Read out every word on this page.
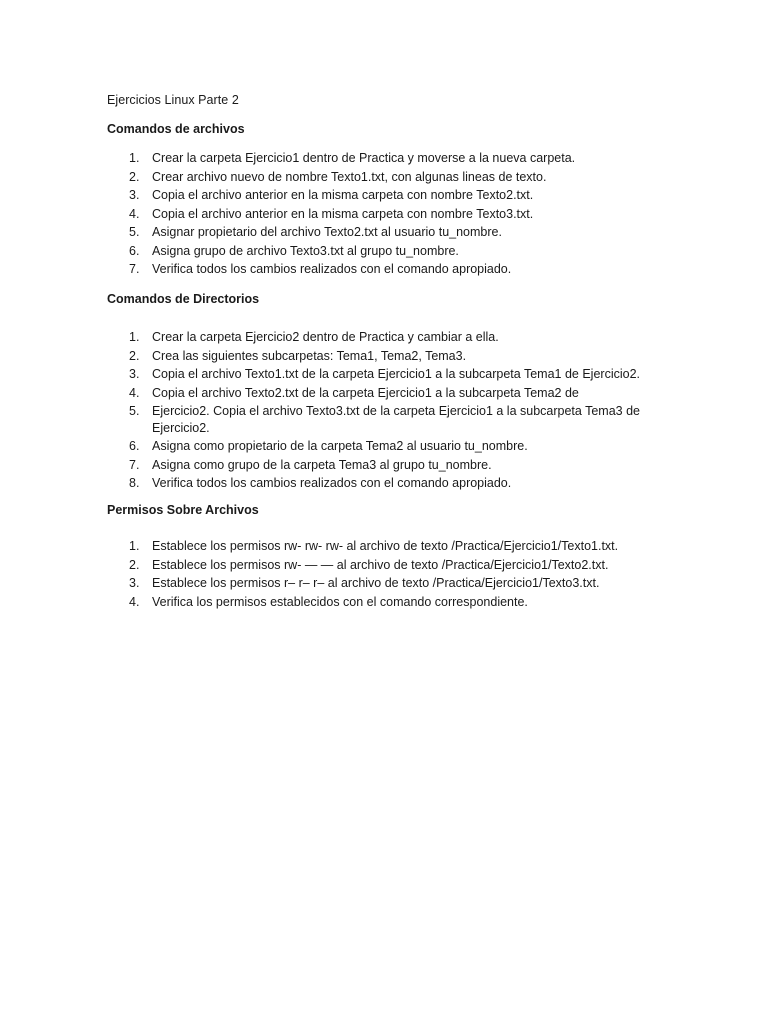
Ejercicios Linux Parte 2
Comandos de archivos
1. Crear la carpeta Ejercicio1 dentro de Practica y moverse a la nueva carpeta.
2. Crear archivo nuevo de nombre Texto1.txt, con algunas lineas de texto.
3. Copia el archivo anterior en la misma carpeta con nombre Texto2.txt.
4. Copia el archivo anterior en la misma carpeta con nombre Texto3.txt.
5. Asignar propietario del archivo Texto2.txt al usuario tu_nombre.
6. Asigna grupo de archivo Texto3.txt al grupo tu_nombre.
7. Verifica todos los cambios realizados con el comando apropiado.
Comandos de Directorios
1. Crear la carpeta Ejercicio2 dentro de Practica y cambiar a ella.
2. Crea las siguientes subcarpetas: Tema1, Tema2, Tema3.
3. Copia el archivo Texto1.txt de la carpeta Ejercicio1 a la subcarpeta Tema1 de Ejercicio2.
4. Copia el archivo Texto2.txt de la carpeta Ejercicio1 a la subcarpeta Tema2 de
5. Ejercicio2. Copia el archivo Texto3.txt de la carpeta Ejercicio1 a la subcarpeta Tema3 de Ejercicio2.
6. Asigna como propietario de la carpeta Tema2 al usuario tu_nombre.
7. Asigna como grupo de la carpeta Tema3 al grupo tu_nombre.
8. Verifica todos los cambios realizados con el comando apropiado.
Permisos Sobre Archivos
1. Establece los permisos rw- rw- rw- al archivo de texto /Practica/Ejercicio1/Texto1.txt.
2. Establece los permisos rw- — — al archivo de texto /Practica/Ejercicio1/Texto2.txt.
3. Establece los permisos r– r– r– al archivo de texto /Practica/Ejercicio1/Texto3.txt.
4. Verifica los permisos establecidos con el comando correspondiente.
